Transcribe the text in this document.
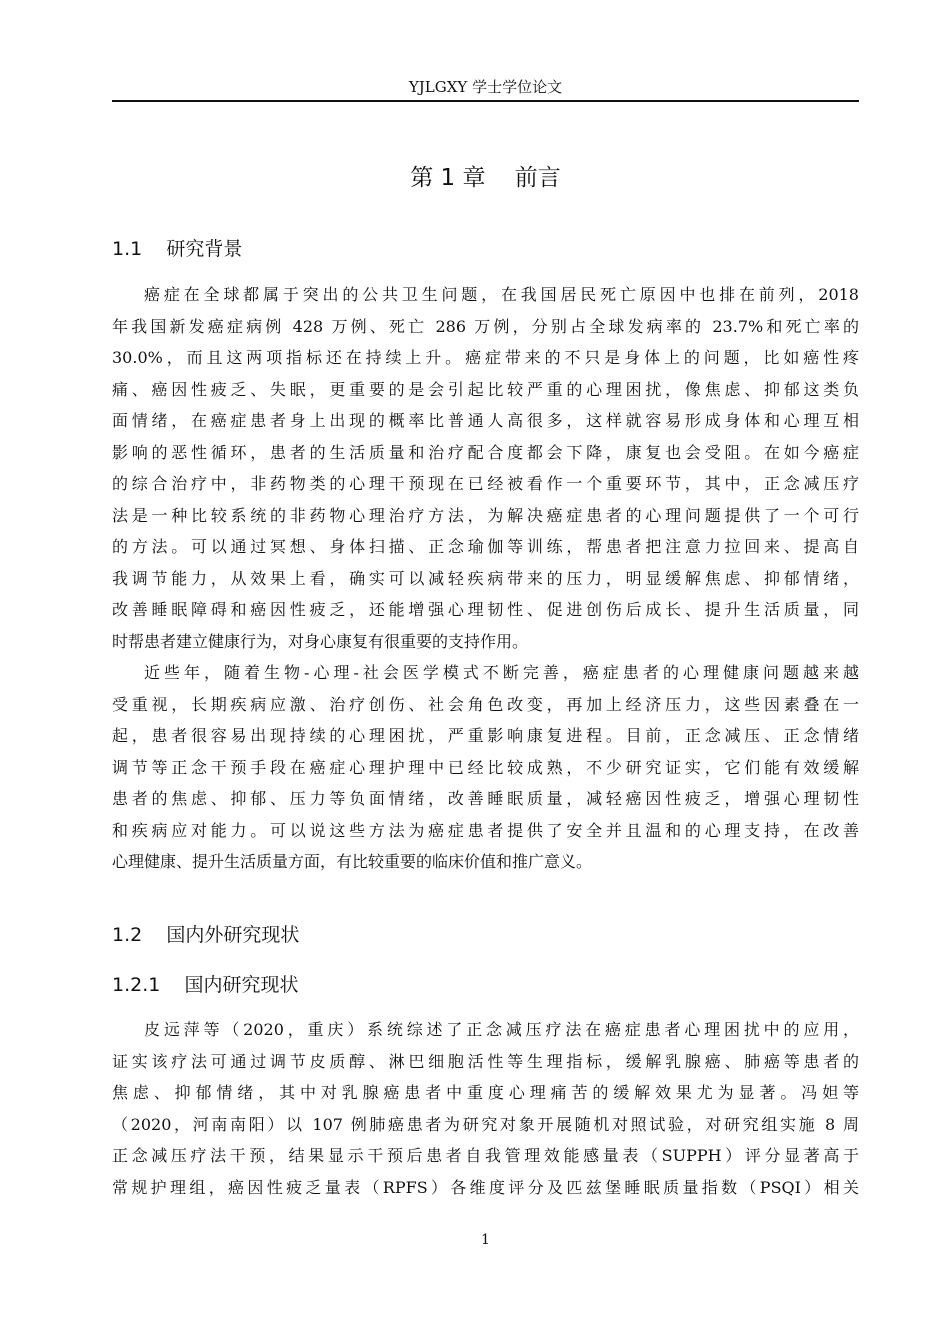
YJLGXY 学士学位论文
第 1 章    前言
1.1    研究背景
癌症在全球都属于突出的公共卫生问题，在我国居民死亡原因中也排在前列，2018
年我国新发癌症病例 428 万例、死亡 286 万例，分别占全球发病率的 23.7%和死亡率的
30.0%，而且这两项指标还在持续上升。癌症带来的不只是身体上的问题，比如癌性疼
痛、癌因性疲乏、失眠，更重要的是会引起比较严重的心理困扰，像焦虑、抑郁这类负
面情绪，在癌症患者身上出现的概率比普通人高很多，这样就容易形成身体和心理互相
影响的恶性循环，患者的生活质量和治疗配合度都会下降，康复也会受阻。在如今癌症
的综合治疗中，非药物类的心理干预现在已经被看作一个重要环节，其中，正念减压疗
法是一种比较系统的非药物心理治疗方法，为解决癌症患者的心理问题提供了一个可行
的方法。可以通过冥想、身体扫描、正念瑜伽等训练，帮患者把注意力拉回来、提高自
我调节能力，从效果上看，确实可以减轻疾病带来的压力，明显缓解焦虑、抑郁情绪，
改善睡眠障碍和癌因性疲乏，还能增强心理韧性、促进创伤后成长、提升生活质量，同
时帮患者建立健康行为，对身心康复有很重要的支持作用。
近些年，随着生物-心理-社会医学模式不断完善，癌症患者的心理健康问题越来越
受重视，长期疾病应激、治疗创伤、社会角色改变，再加上经济压力，这些因素叠在一
起，患者很容易出现持续的心理困扰，严重影响康复进程。目前，正念减压、正念情绪
调节等正念干预手段在癌症心理护理中已经比较成熟，不少研究证实，它们能有效缓解
患者的焦虑、抑郁、压力等负面情绪，改善睡眠质量，减轻癌因性疲乏，增强心理韧性
和疾病应对能力。可以说这些方法为癌症患者提供了安全并且温和的心理支持，在改善
心理健康、提升生活质量方面，有比较重要的临床价值和推广意义。
1.2    国内外研究现状
1.2.1    国内研究现状
皮远萍等（2020，重庆）系统综述了正念减压疗法在癌症患者心理困扰中的应用，
证实该疗法可通过调节皮质醇、淋巴细胞活性等生理指标，缓解乳腺癌、肺癌等患者的
焦虑、抑郁情绪，其中对乳腺癌患者中重度心理痛苦的缓解效果尤为显著。冯妲等
（2020，河南南阳）以 107 例肺癌患者为研究对象开展随机对照试验，对研究组实施 8 周
正念减压疗法干预，结果显示干预后患者自我管理效能感量表（SUPPH）评分显著高于
常规护理组，癌因性疲乏量表（RPFS）各维度评分及匹兹堡睡眠质量指数（PSQI）相关
1
